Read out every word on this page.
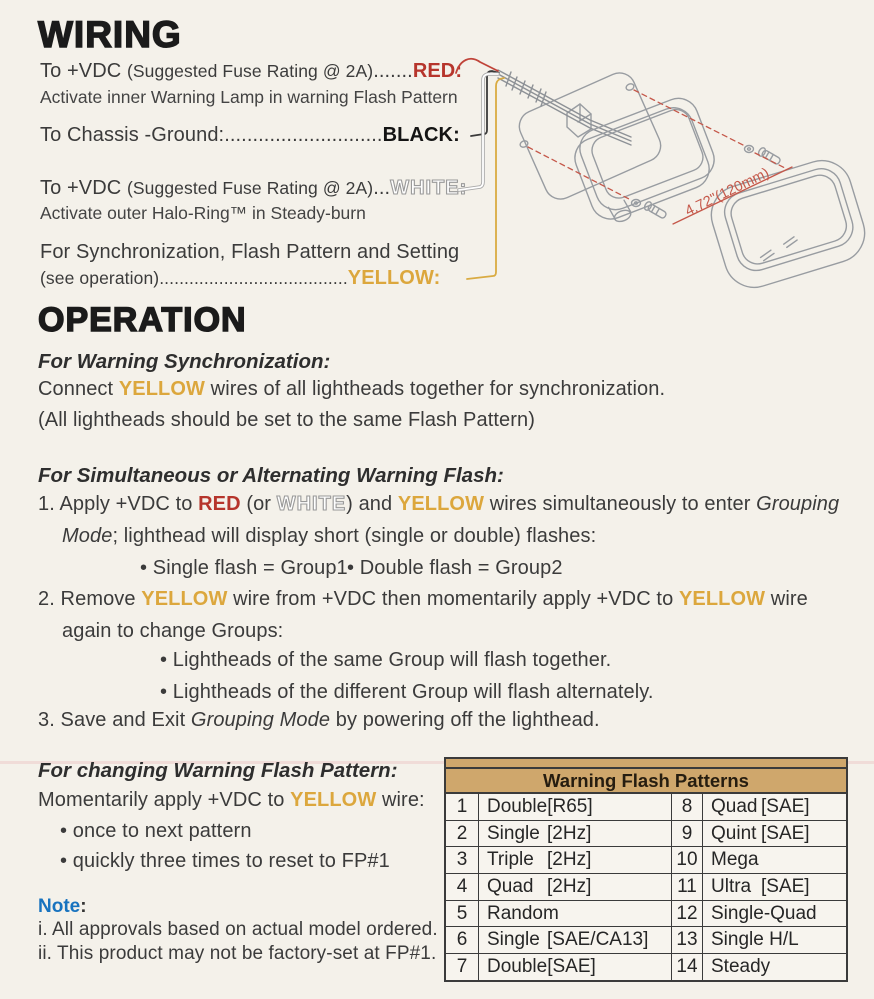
WIRING
To +VDC (Suggested Fuse Rating @ 2A).......RED:
Activate inner Warning Lamp in warning Flash Pattern
To Chassis -Ground:............................BLACK:
To +VDC (Suggested Fuse Rating @ 2A)...WHITE:
Activate outer Halo-Ring™ in Steady-burn
For Synchronization, Flash Pattern and Setting
(see operation)......................................YELLOW:
4.72"(120mm)
OPERATION
For Warning Synchronization:
Connect YELLOW wires of all lightheads together for synchronization.
(All lightheads should be set to the same Flash Pattern)
For Simultaneous or Alternating Warning Flash:
1. Apply +VDC to RED (or WHITE) and YELLOW wires simultaneously to enter Grouping
Mode; lighthead will display short (single or double) flashes:
• Single flash = Group1 • Double flash = Group2
2. Remove YELLOW wire from +VDC then momentarily apply +VDC to YELLOW wire
again to change Groups:
• Lightheads of the same Group will flash together.
• Lightheads of the different Group will flash alternately.
3. Save and Exit Grouping Mode by powering off the lighthead.
For changing Warning Flash Pattern:
Momentarily apply +VDC to YELLOW wire:
• once to next pattern
• quickly three times to reset to FP#1
Note:
i. All approvals based on actual model ordered.
ii. This product may not be factory-set at FP#1.
Warning Flash Patterns
1	Double[R65]	8 Quad [SAE]
2	Single [2Hz]	9 Quint [SAE]
3	Triple [2Hz]	10 Mega
4	Quad [2Hz]	11 Ultra [SAE]
5	Random	12 Single-Quad
6	Single [SAE/CA13]	13 Single H/L
7	Double[SAE]	14 Steady
